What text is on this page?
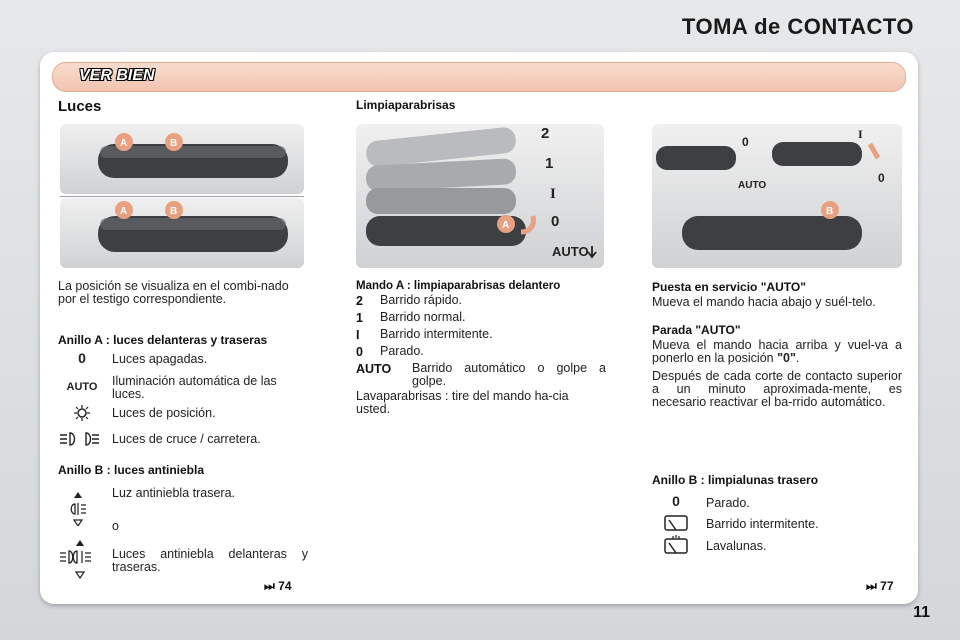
TOMA de CONTACTO
VER BIEN
Luces
A	B
A	B
La posición se visualiza en el combi-nado por el testigo correspondiente.
Anillo A : luces delanteras y traseras
0	Luces apagadas.
AUTO	Iluminación automática de las luces.
Luces de posición.
Luces de cruce / carretera.
Anillo B : luces antiniebla
Luz antiniebla trasera.
o
Luces antiniebla delanteras y traseras.
⏭ 74
Limpiaparabrisas
A
2
1
I
0
AUTO
Mando A : limpiaparabrisas delantero
2 Barrido rápido.
1 Barrido normal.
I Barrido intermitente.
0 Parado.
AUTO Barrido automático o golpe a golpe.
Lavaparabrisas : tire del mando ha-cia usted.
0
AUTO
I
0
B
Puesta en servicio "AUTO"
Mueva el mando hacia abajo y suél-telo.
Parada "AUTO"
Mueva el mando hacia arriba y vuel-va a ponerlo en la posición "0".
Después de cada corte de contacto superior a un minuto aproximada-mente, es necesario reactivar el ba-rrido automático.
Anillo B : limpialunas trasero
0	Parado.
Barrido intermitente.
Lavalunas.
⏭ 77
11
